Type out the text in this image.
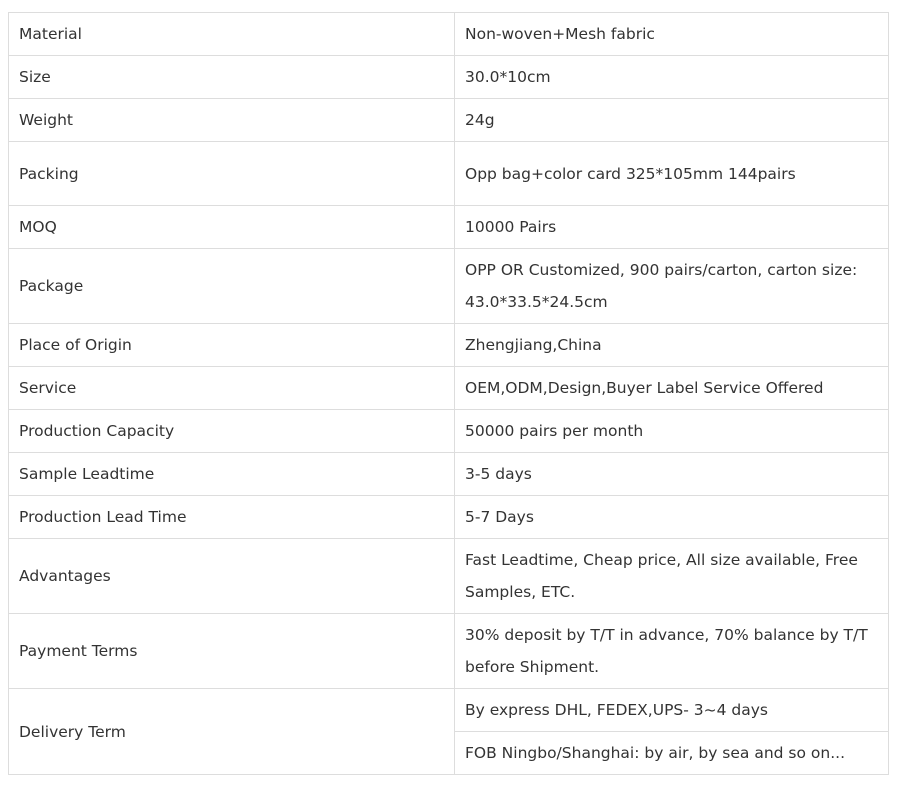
Material	Non-woven+Mesh fabric
Size	30.0*10cm
Weight	24g
Packing	Opp bag+color card 325*105mm 144pairs
MOQ	10000 Pairs
Package	OPP OR Customized, 900 pairs/carton, carton size: 43.0*33.5*24.5cm
Place of Origin	Zhengjiang,China
Service	OEM,ODM,Design,Buyer Label Service Offered
Production Capacity	50000 pairs per month
Sample Leadtime	3-5 days
Production Lead Time	5-7 Days
Advantages	Fast Leadtime, Cheap price, All size available, Free Samples, ETC.
Payment Terms	30% deposit by T/T in advance, 70% balance by T/T before Shipment.
Delivery Term	By express DHL, FEDEX,UPS- 3~4 days
	FOB Ningbo/Shanghai: by air, by sea and so on...
